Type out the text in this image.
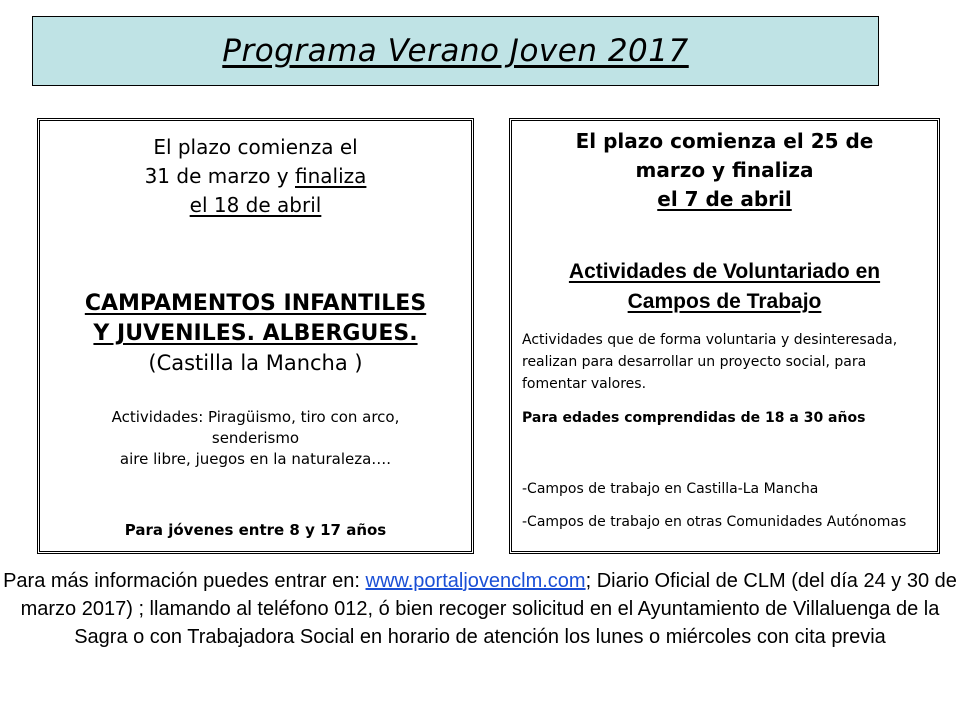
Programa Verano Joven 2017
El plazo comienza el
31 de marzo y finaliza
el 18 de abril
CAMPAMENTOS INFANTILES
Y JUVENILES. ALBERGUES.
(Castilla la Mancha )
Actividades: Piragüismo, tiro con arco,
senderismo
aire libre, juegos en la naturaleza….
Para jóvenes entre 8 y 17 años
El plazo comienza el 25 de
marzo y finaliza
el 7 de abril
Actividades de Voluntariado en
Campos de Trabajo
Actividades que de forma voluntaria y desinteresada, realizan para desarrollar un proyecto social, para fomentar valores.
Para edades comprendidas de 18 a 30 años
-Campos de trabajo en Castilla-La Mancha
-Campos de trabajo en otras Comunidades Autónomas
Para más información puedes entrar en: www.portaljovenclm.com; Diario Oficial de CLM (del día 24 y 30 de marzo 2017) ; llamando al teléfono 012, ó bien recoger solicitud en el Ayuntamiento de Villaluenga de la Sagra o con Trabajadora Social en horario de atención los lunes o miércoles con cita previa
